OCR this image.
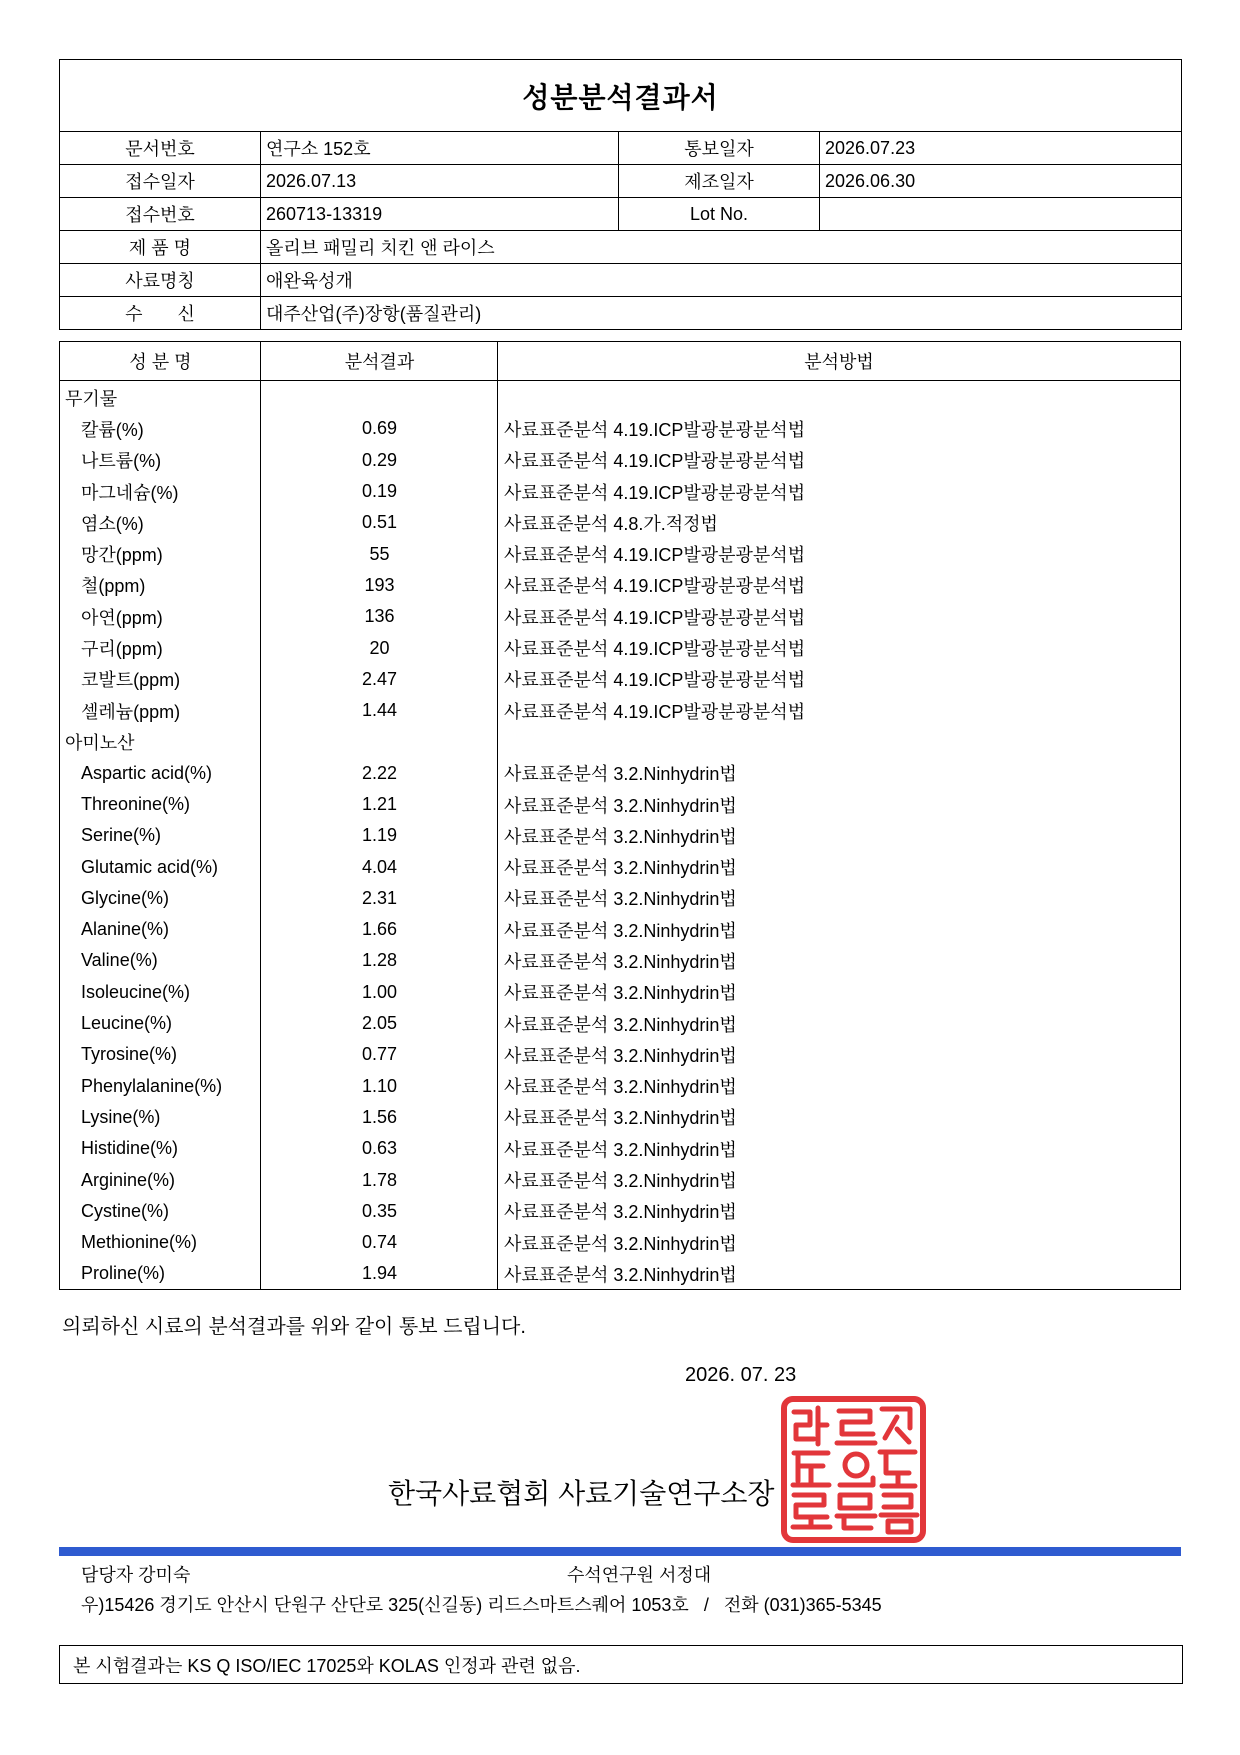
성분분석결과서			
문서번호	연구소 152호	통보일자	2026.07.23
접수일자	2026.07.13	제조일자	2026.06.30
접수번호	260713-13319	Lot No.	
제 품 명	올리브 패밀리 치킨 앤 라이스		
사료명칭	애완육성개		
수       신	대주산업(주)장항(품질관리)		
성 분 명	분석결과	분석방법
무기물
칼륨(%)	0.69	사료표준분석 4.19.ICP발광분광분석법
나트륨(%)	0.29	사료표준분석 4.19.ICP발광분광분석법
마그네슘(%)	0.19	사료표준분석 4.19.ICP발광분광분석법
염소(%)	0.51	사료표준분석 4.8.가.적정법
망간(ppm)	55	사료표준분석 4.19.ICP발광분광분석법
철(ppm)	193	사료표준분석 4.19.ICP발광분광분석법
아연(ppm)	136	사료표준분석 4.19.ICP발광분광분석법
구리(ppm)	20	사료표준분석 4.19.ICP발광분광분석법
코발트(ppm)	2.47	사료표준분석 4.19.ICP발광분광분석법
셀레늄(ppm)	1.44	사료표준분석 4.19.ICP발광분광분석법
아미노산
Aspartic acid(%)	2.22	사료표준분석 3.2.Ninhydrin법
Threonine(%)	1.21	사료표준분석 3.2.Ninhydrin법
Serine(%)	1.19	사료표준분석 3.2.Ninhydrin법
Glutamic acid(%)	4.04	사료표준분석 3.2.Ninhydrin법
Glycine(%)	2.31	사료표준분석 3.2.Ninhydrin법
Alanine(%)	1.66	사료표준분석 3.2.Ninhydrin법
Valine(%)	1.28	사료표준분석 3.2.Ninhydrin법
Isoleucine(%)	1.00	사료표준분석 3.2.Ninhydrin법
Leucine(%)	2.05	사료표준분석 3.2.Ninhydrin법
Tyrosine(%)	0.77	사료표준분석 3.2.Ninhydrin법
Phenylalanine(%)	1.10	사료표준분석 3.2.Ninhydrin법
Lysine(%)	1.56	사료표준분석 3.2.Ninhydrin법
Histidine(%)	0.63	사료표준분석 3.2.Ninhydrin법
Arginine(%)	1.78	사료표준분석 3.2.Ninhydrin법
Cystine(%)	0.35	사료표준분석 3.2.Ninhydrin법
Methionine(%)	0.74	사료표준분석 3.2.Ninhydrin법
Proline(%)	1.94	사료표준분석 3.2.Ninhydrin법
의뢰하신 시료의 분석결과를 위와 같이 통보 드립니다.
2026. 07. 23
한국사료협회 사료기술연구소장
담당자 강미숙	수석연구원 서정대
우)15426 경기도 안산시 단원구 산단로 325(신길동) 리드스마트스퀘어 1053호   /   전화 (031)365-5345
본 시험결과는 KS Q ISO/IEC 17025와 KOLAS 인정과 관련 없음.
